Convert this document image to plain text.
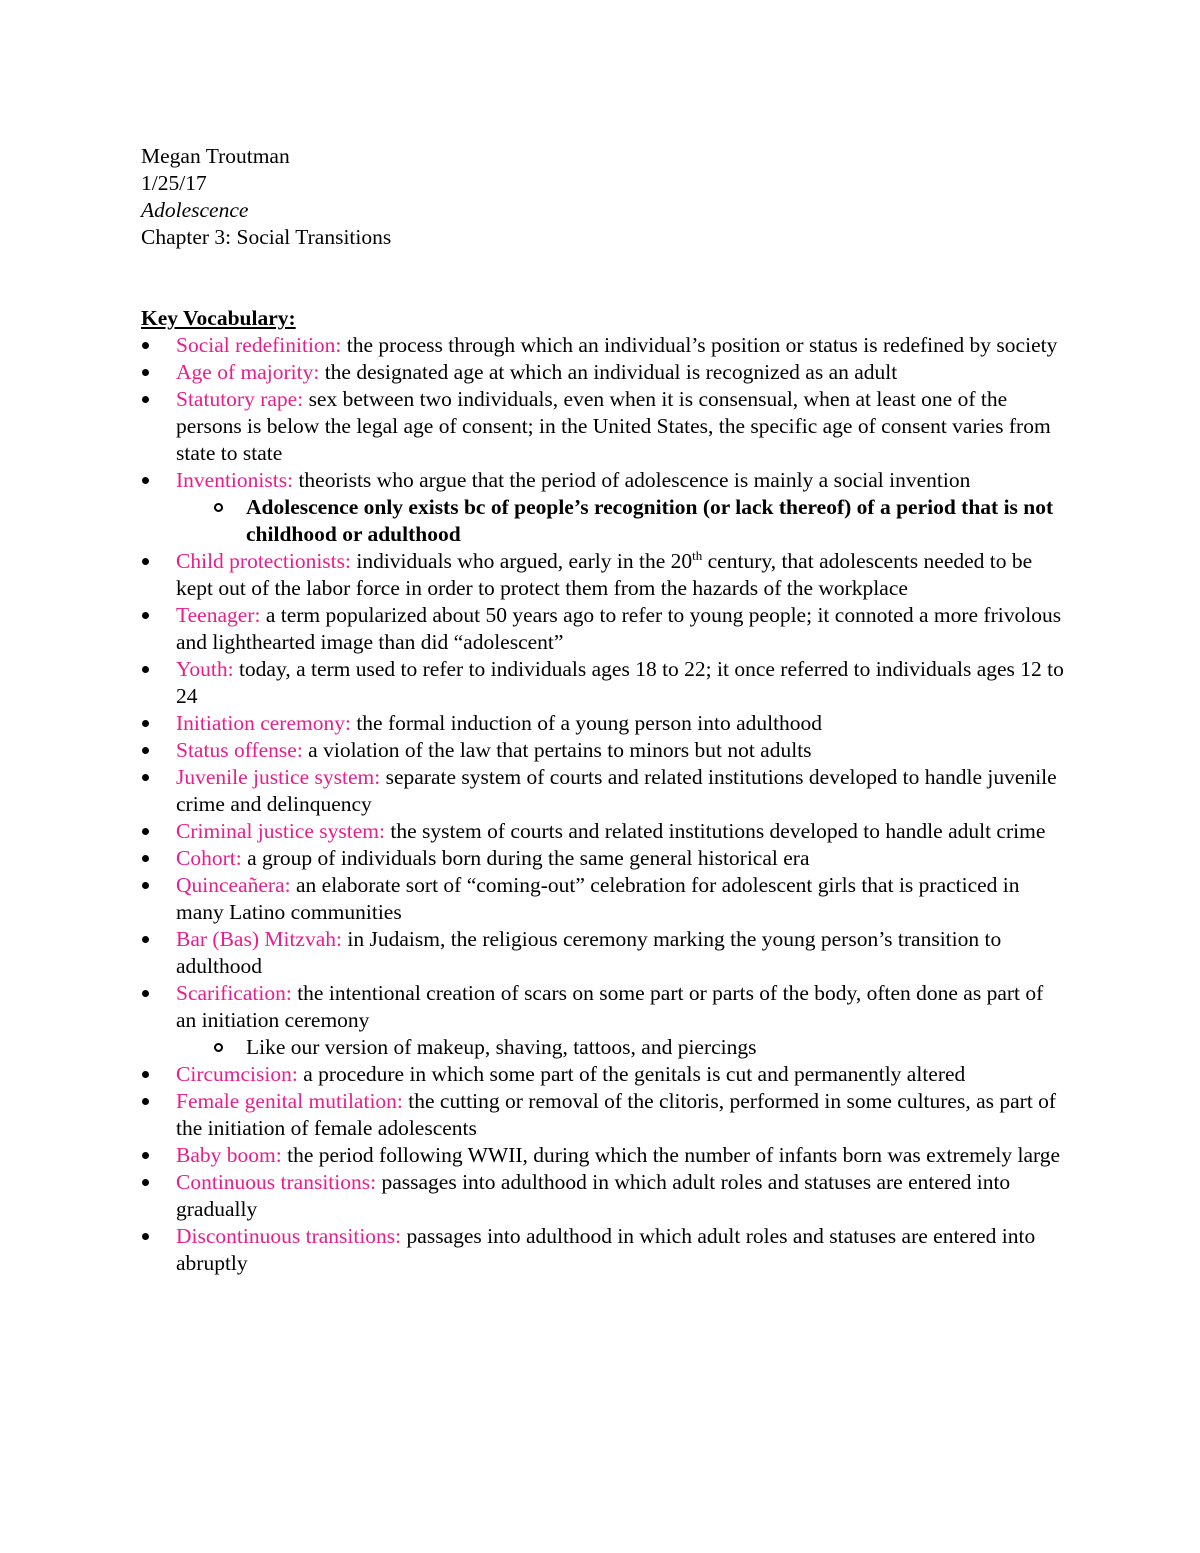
Megan Troutman
1/25/17
Adolescence
Chapter 3: Social Transitions
Key Vocabulary:
Social redefinition: the process through which an individual’s position or status is redefined by society
Age of majority: the designated age at which an individual is recognized as an adult
Statutory rape: sex between two individuals, even when it is consensual, when at least one of the persons is below the legal age of consent; in the United States, the specific age of consent varies from state to state
Inventionists: theorists who argue that the period of adolescence is mainly a social invention
Adolescence only exists bc of people’s recognition (or lack thereof) of a period that is not childhood or adulthood
Child protectionists: individuals who argued, early in the 20th century, that adolescents needed to be kept out of the labor force in order to protect them from the hazards of the workplace
Teenager: a term popularized about 50 years ago to refer to young people; it connoted a more frivolous and lighthearted image than did “adolescent”
Youth: today, a term used to refer to individuals ages 18 to 22; it once referred to individuals ages 12 to 24
Initiation ceremony: the formal induction of a young person into adulthood
Status offense: a violation of the law that pertains to minors but not adults
Juvenile justice system: separate system of courts and related institutions developed to handle juvenile crime and delinquency
Criminal justice system: the system of courts and related institutions developed to handle adult crime
Cohort: a group of individuals born during the same general historical era
Quinceañera: an elaborate sort of “coming-out” celebration for adolescent girls that is practiced in many Latino communities
Bar (Bas) Mitzvah: in Judaism, the religious ceremony marking the young person’s transition to adulthood
Scarification: the intentional creation of scars on some part or parts of the body, often done as part of an initiation ceremony
Like our version of makeup, shaving, tattoos, and piercings
Circumcision: a procedure in which some part of the genitals is cut and permanently altered
Female genital mutilation: the cutting or removal of the clitoris, performed in some cultures, as part of the initiation of female adolescents
Baby boom: the period following WWII, during which the number of infants born was extremely large
Continuous transitions: passages into adulthood in which adult roles and statuses are entered into gradually
Discontinuous transitions: passages into adulthood in which adult roles and statuses are entered into abruptly
